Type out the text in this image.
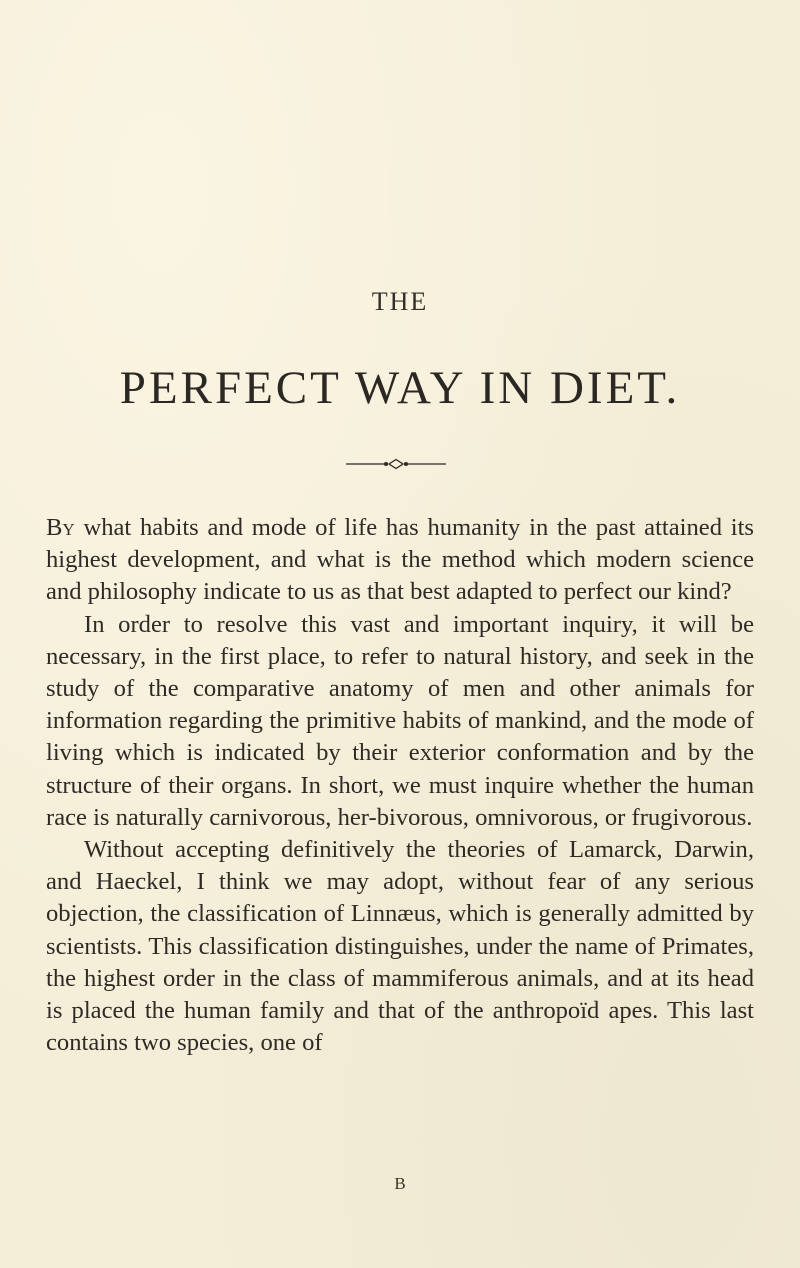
THE
PERFECT WAY IN DIET.

By what habits and mode of life has humanity in the past attained its highest development, and what is the method which modern science and philosophy indicate to us as that best adapted to perfect our kind?

In order to resolve this vast and important inquiry, it will be necessary, in the first place, to refer to natural history, and seek in the study of the comparative anatomy of men and other animals for information regarding the primitive habits of mankind, and the mode of living which is indicated by their exterior conformation and by the structure of their organs. In short, we must inquire whether the human race is naturally carnivorous, her-bivorous, omnivorous, or frugivorous.

Without accepting definitively the theories of Lamarck, Darwin, and Haeckel, I think we may adopt, without fear of any serious objection, the classification of Linnæus, which is generally admitted by scientists. This classification distinguishes, under the name of Primates, the highest order in the class of mammiferous animals, and at its head is placed the human family and that of the anthropoïd apes. This last contains two species, one of

B
